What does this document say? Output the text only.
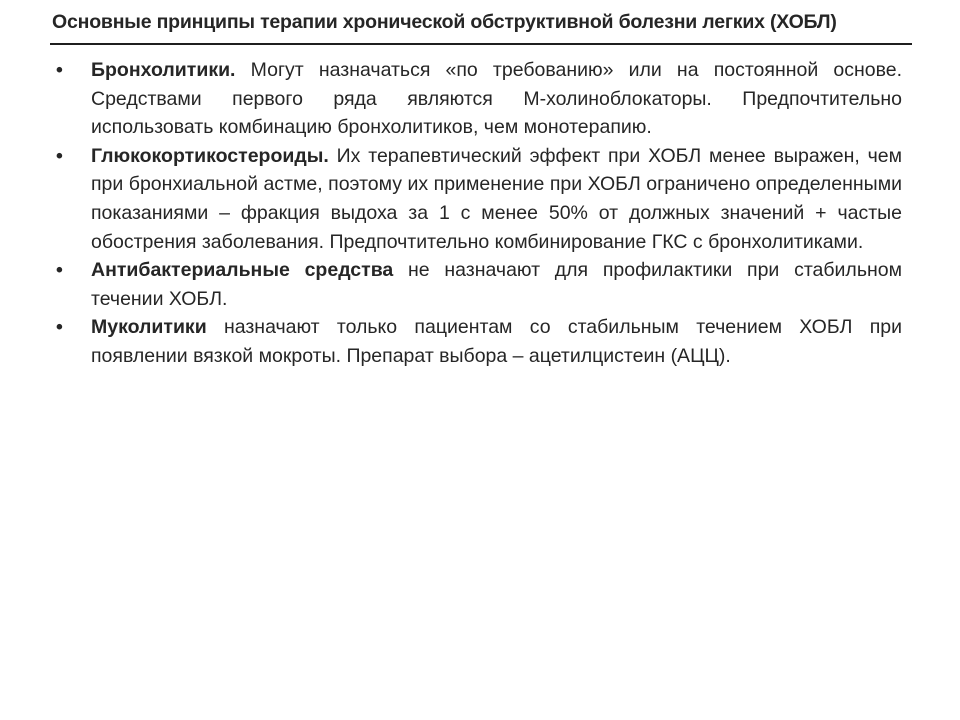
Основные принципы терапии хронической обструктивной болезни легких (ХОБЛ)
•	Бронхолитики. Могут назначаться «по требованию» или на постоянной основе. Средствами первого ряда являются М-холиноблокаторы. Предпочтительно использовать комбинацию бронхолитиков, чем монотерапию.
•	Глюкокортикостероиды. Их терапевтический эффект при ХОБЛ менее выражен, чем при бронхиальной астме, поэтому их применение при ХОБЛ ограничено определенными показаниями – фракция выдоха за 1 с менее 50% от должных значений + частые обострения заболевания. Предпочтительно комбинирование ГКС с бронхолитиками.
•	Антибактериальные средства не назначают для профилактики при стабильном течении ХОБЛ.
•	Муколитики назначают только пациентам со стабильным течением ХОБЛ при появлении вязкой мокроты. Препарат выбора – ацетилцистеин (АЦЦ).
